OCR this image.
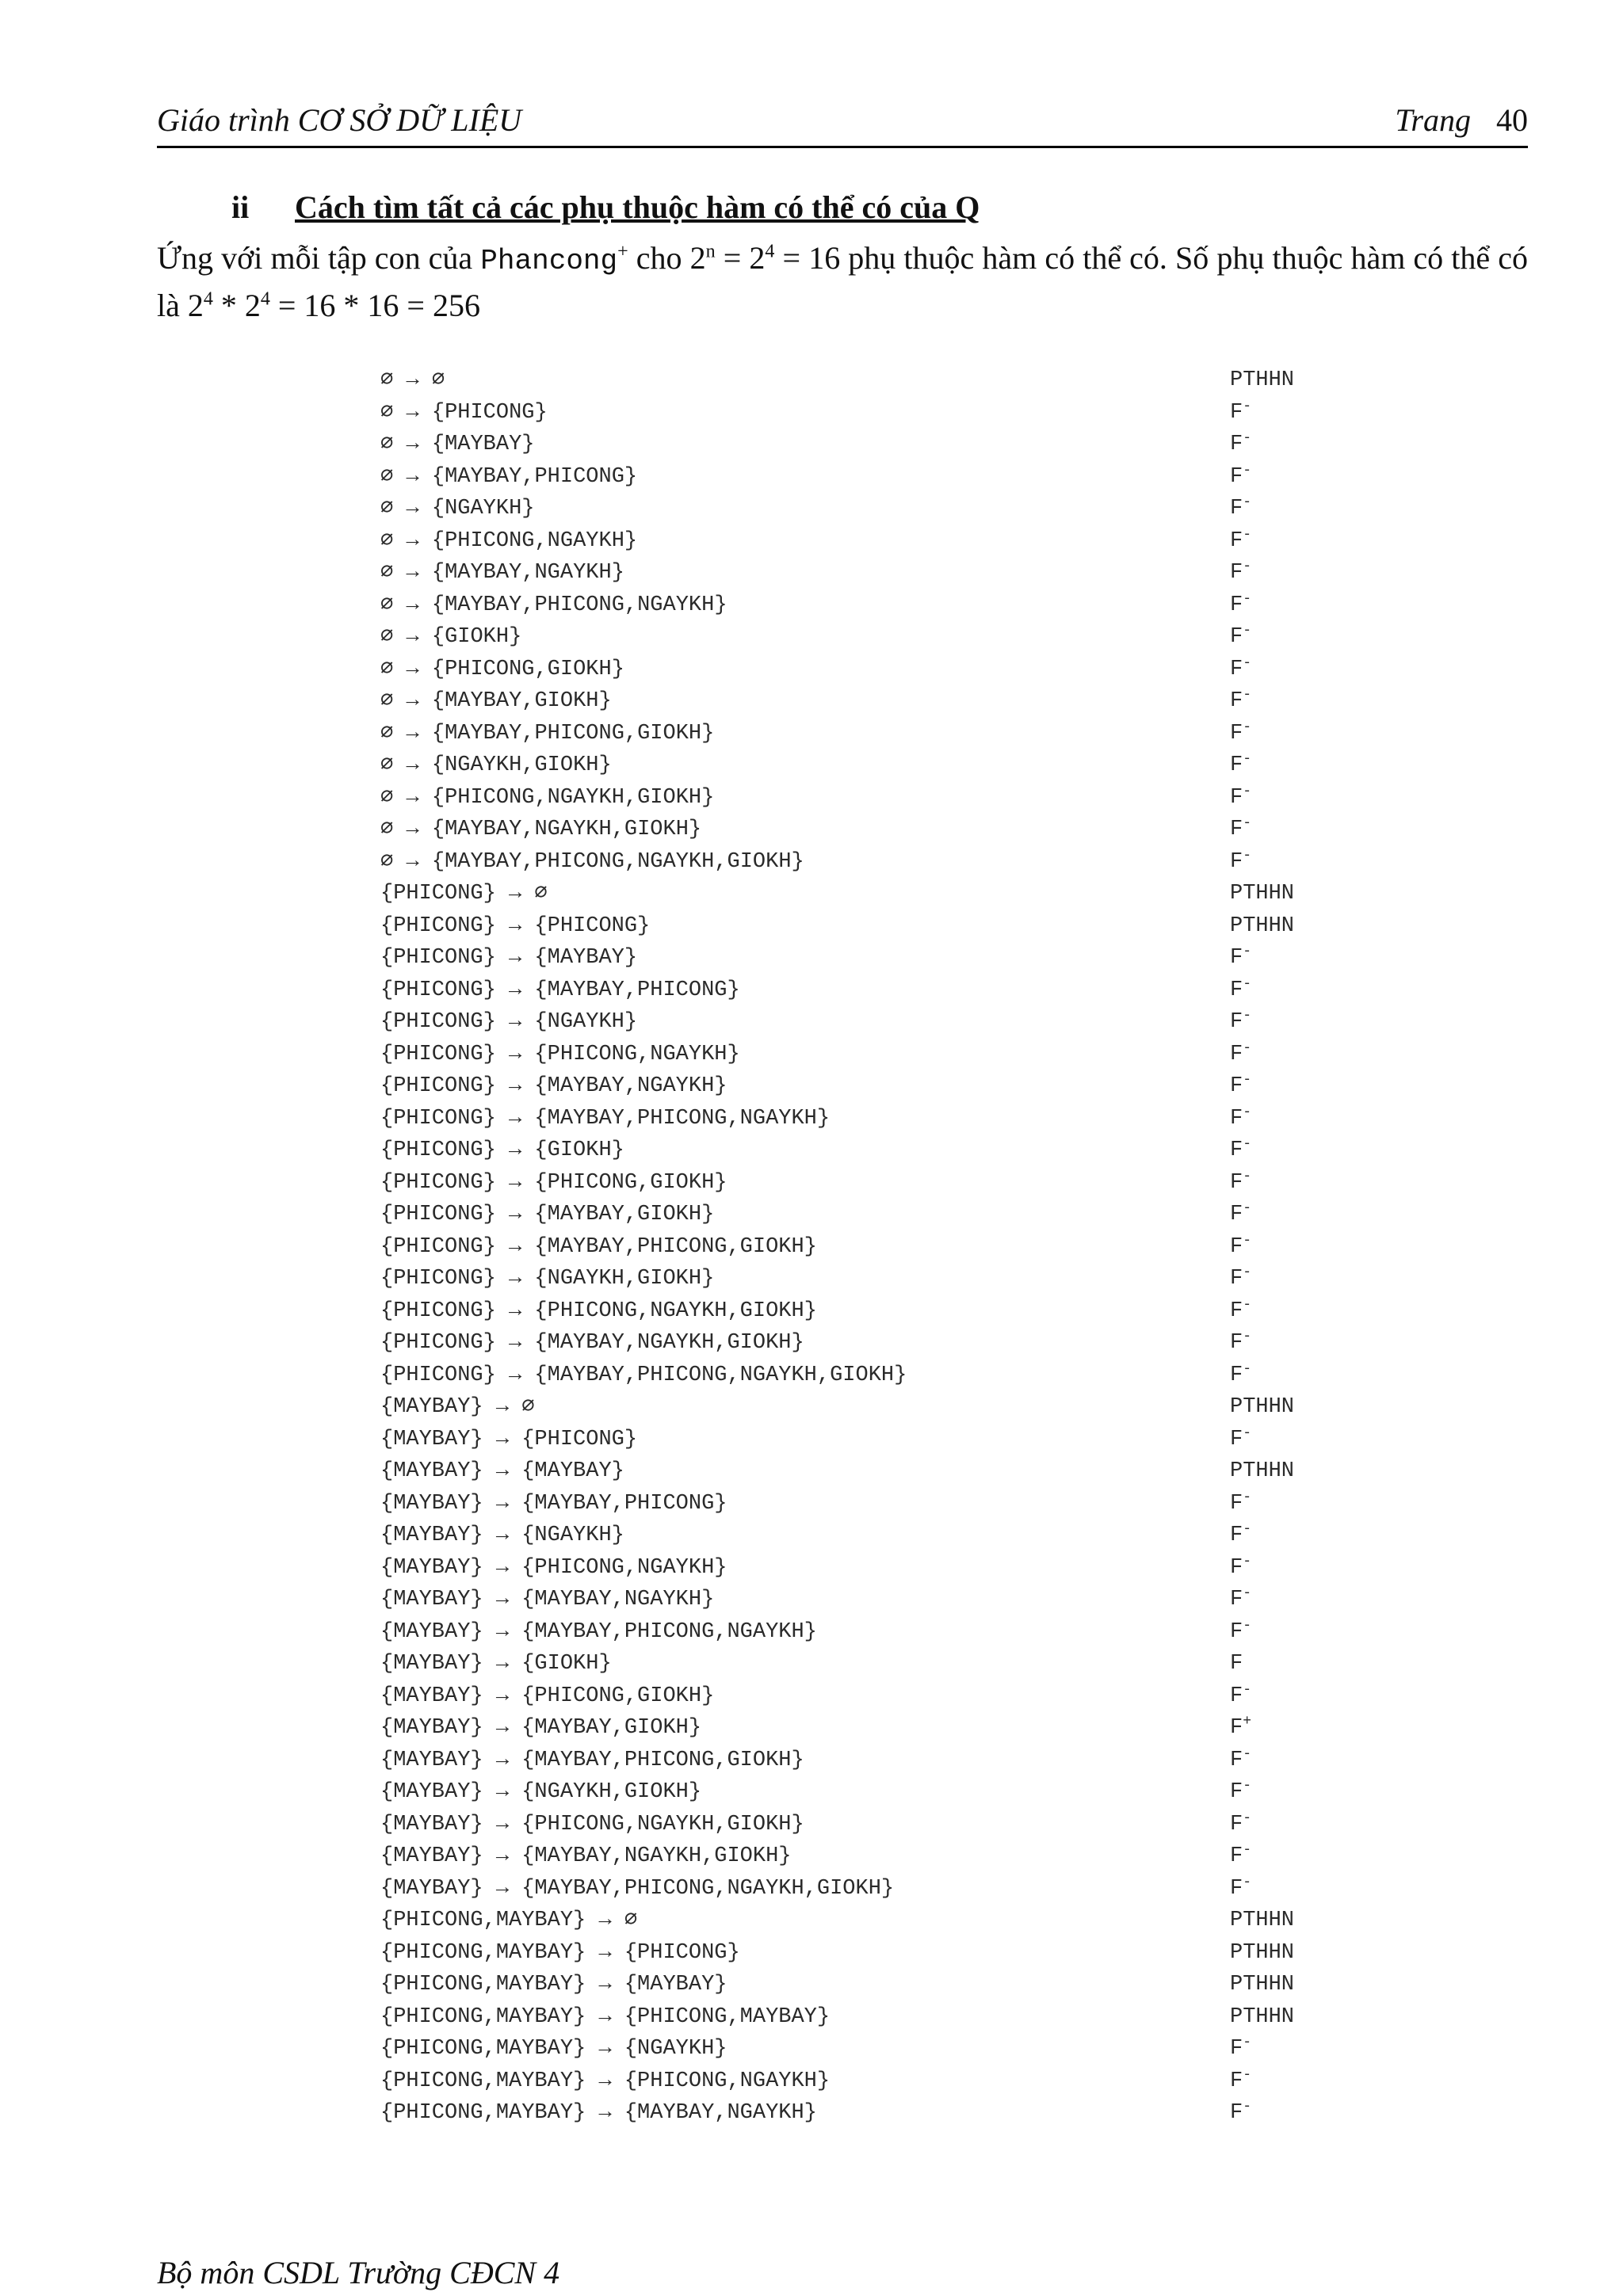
Giáo trình CƠ SỞ DỮ LIỆU	Trang 40
ii Cách tìm tất cả các phụ thuộc hàm có thể có của Q
Ứng với mỗi tập con của Phancong+ cho $2^n = 2^4 = 16$ phụ thuộc hàm có thể có. Số phụ thuộc hàm có thể có là $2^4 * 2^4 = 16 * 16 = 256$
∅ → ∅	PTHHN
∅ → {PHICONG}	F-
∅ → {MAYBAY}	F-
∅ → {MAYBAY,PHICONG}	F-
∅ → {NGAYKH}	F-
∅ → {PHICONG,NGAYKH}	F-
∅ → {MAYBAY,NGAYKH}	F-
∅ → {MAYBAY,PHICONG,NGAYKH}	F-
∅ → {GIOKH}	F-
∅ → {PHICONG,GIOKH}	F-
∅ → {MAYBAY,GIOKH}	F-
∅ → {MAYBAY,PHICONG,GIOKH}	F-
∅ → {NGAYKH,GIOKH}	F-
∅ → {PHICONG,NGAYKH,GIOKH}	F-
∅ → {MAYBAY,NGAYKH,GIOKH}	F-
∅ → {MAYBAY,PHICONG,NGAYKH,GIOKH}	F-
{PHICONG} → ∅	PTHHN
{PHICONG} → {PHICONG}	PTHHN
{PHICONG} → {MAYBAY}	F-
{PHICONG} → {MAYBAY,PHICONG}	F-
{PHICONG} → {NGAYKH}	F-
{PHICONG} → {PHICONG,NGAYKH}	F-
{PHICONG} → {MAYBAY,NGAYKH}	F-
{PHICONG} → {MAYBAY,PHICONG,NGAYKH}	F-
{PHICONG} → {GIOKH}	F-
{PHICONG} → {PHICONG,GIOKH}	F-
{PHICONG} → {MAYBAY,GIOKH}	F-
{PHICONG} → {MAYBAY,PHICONG,GIOKH}	F-
{PHICONG} → {NGAYKH,GIOKH}	F-
{PHICONG} → {PHICONG,NGAYKH,GIOKH}	F-
{PHICONG} → {MAYBAY,NGAYKH,GIOKH}	F-
{PHICONG} → {MAYBAY,PHICONG,NGAYKH,GIOKH}	F-
{MAYBAY} → ∅	PTHHN
{MAYBAY} → {PHICONG}	F-
{MAYBAY} → {MAYBAY}	PTHHN
{MAYBAY} → {MAYBAY,PHICONG}	F-
{MAYBAY} → {NGAYKH}	F-
{MAYBAY} → {PHICONG,NGAYKH}	F-
{MAYBAY} → {MAYBAY,NGAYKH}	F-
{MAYBAY} → {MAYBAY,PHICONG,NGAYKH}	F-
{MAYBAY} → {GIOKH}	F
{MAYBAY} → {PHICONG,GIOKH}	F-
{MAYBAY} → {MAYBAY,GIOKH}	F+
{MAYBAY} → {MAYBAY,PHICONG,GIOKH}	F-
{MAYBAY} → {NGAYKH,GIOKH}	F-
{MAYBAY} → {PHICONG,NGAYKH,GIOKH}	F-
{MAYBAY} → {MAYBAY,NGAYKH,GIOKH}	F-
{MAYBAY} → {MAYBAY,PHICONG,NGAYKH,GIOKH}	F-
{PHICONG,MAYBAY} → ∅	PTHHN
{PHICONG,MAYBAY} → {PHICONG}	PTHHN
{PHICONG,MAYBAY} → {MAYBAY}	PTHHN
{PHICONG,MAYBAY} → {PHICONG,MAYBAY}	PTHHN
{PHICONG,MAYBAY} → {NGAYKH}	F-
{PHICONG,MAYBAY} → {PHICONG,NGAYKH}	F-
{PHICONG,MAYBAY} → {MAYBAY,NGAYKH}	F-
Bộ môn CSDL Trường CĐCN 4
